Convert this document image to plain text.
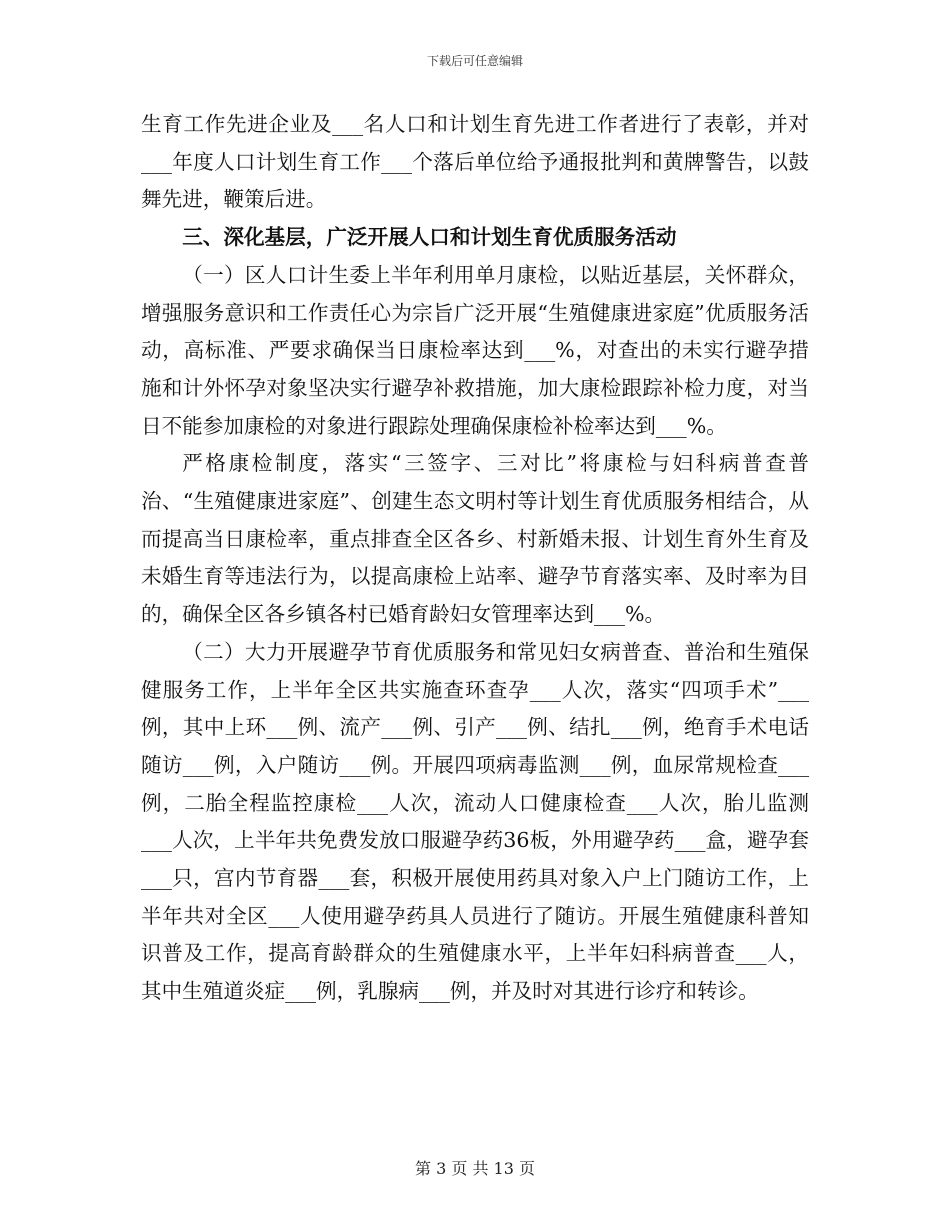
下载后可任意编辑

生育工作先进企业及___名人口和计划生育先进工作者进行了表彰，并对___年度人口计划生育工作___个落后单位给予通报批判和黄牌警告，以鼓舞先进，鞭策后进。

三、深化基层，广泛开展人口和计划生育优质服务活动

（一）区人口计生委上半年利用单月康检，以贴近基层，关怀群众，增强服务意识和工作责任心为宗旨广泛开展“生殖健康进家庭”优质服务活动，高标准、严要求确保当日康检率达到___%，对查出的未实行避孕措施和计外怀孕对象坚决实行避孕补救措施，加大康检跟踪补检力度，对当日不能参加康检的对象进行跟踪处理确保康检补检率达到___%。

严格康检制度，落实“三签字、三对比”将康检与妇科病普查普治、“生殖健康进家庭”、创建生态文明村等计划生育优质服务相结合，从而提高当日康检率，重点排查全区各乡、村新婚未报、计划生育外生育及未婚生育等违法行为，以提高康检上站率、避孕节育落实率、及时率为目的，确保全区各乡镇各村已婚育龄妇女管理率达到___%。

（二）大力开展避孕节育优质服务和常见妇女病普查、普治和生殖保健服务工作，上半年全区共实施查环查孕___人次，落实“四项手术”___例，其中上环___例、流产___例、引产___例、结扎___例，绝育手术电话随访___例，入户随访___例。开展四项病毒监测___例，血尿常规检查___例，二胎全程监控康检___人次，流动人口健康检查___人次，胎儿监测___人次，上半年共免费发放口服避孕药36板，外用避孕药___盒，避孕套___只，宫内节育器___套，积极开展使用药具对象入户上门随访工作，上半年共对全区___人使用避孕药具人员进行了随访。开展生殖健康科普知识普及工作，提高育龄群众的生殖健康水平，上半年妇科病普查___人，其中生殖道炎症___例，乳腺病___例，并及时对其进行诊疗和转诊。

第 3 页 共 13 页
